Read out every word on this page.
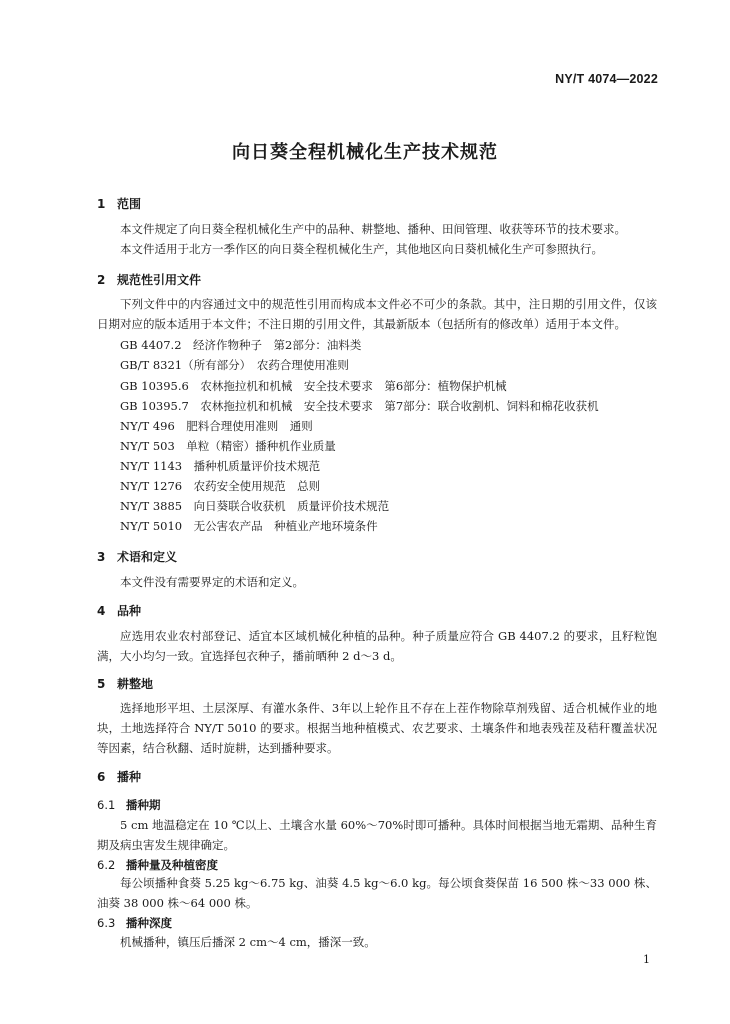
NY/T 4074—2022
向日葵全程机械化生产技术规范
1 范围

本文件规定了向日葵全程机械化生产中的品种、耕整地、播种、田间管理、收获等环节的技术要求。

本文件适用于北方一季作区的向日葵全程机械化生产，其他地区向日葵机械化生产可参照执行。

2 规范性引用文件

下列文件中的内容通过文中的规范性引用而构成本文件必不可少的条款。其中，注日期的引用文件，仅该日期对应的版本适用于本文件；不注日期的引用文件，其最新版本（包括所有的修改单）适用于本文件。

GB 4407.2　经济作物种子　第2部分：油料类
GB/T 8321（所有部分）　农药合理使用准则
GB 10395.6　农林拖拉机和机械　安全技术要求　第6部分：植物保护机械
GB 10395.7　农林拖拉机和机械　安全技术要求　第7部分：联合收割机、饲料和棉花收获机
NY/T 496　肥料合理使用准则　通则
NY/T 503　单粒（精密）播种机作业质量
NY/T 1143　播种机质量评价技术规范
NY/T 1276　农药安全使用规范　总则
NY/T 3885　向日葵联合收获机　质量评价技术规范
NY/T 5010　无公害农产品　种植业产地环境条件
3 术语和定义

本文件没有需要界定的术语和定义。

4 品种

应选用农业农村部登记、适宜本区域机械化种植的品种。种子质量应符合 GB 4407.2 的要求，且籽粒饱满，大小均匀一致。宜选择包衣种子，播前晒种 2 d～3 d。

5 耕整地

选择地形平坦、土层深厚、有灌水条件、3年以上轮作且不存在上茬作物除草剂残留、适合机械作业的地块，土地选择符合 NY/T 5010 的要求。根据当地种植模式、农艺要求、土壤条件和地表残茬及秸秆覆盖状况等因素，结合秋翻、适时旋耕，达到播种要求。

6 播种
6.1 播种期

5 cm 地温稳定在 10 ℃以上、土壤含水量 60%～70%时即可播种。具体时间根据当地无霜期、品种生育期及病虫害发生规律确定。

6.2 播种量及种植密度

每公顷播种食葵 5.25 kg～6.75 kg、油葵 4.5 kg～6.0 kg。每公顷食葵保苗 16 500 株～33 000 株、油葵 38 000 株～64 000 株。

6.3 播种深度

机械播种，镇压后播深 2 cm～4 cm，播深一致。

1
